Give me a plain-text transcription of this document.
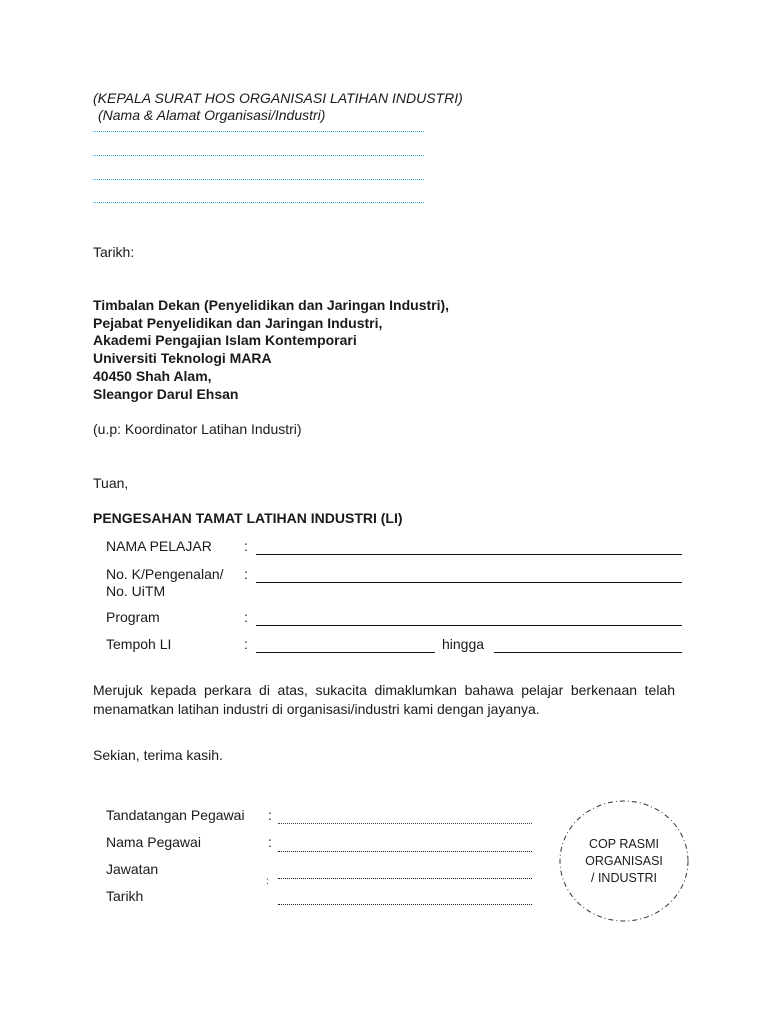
(KEPALA SURAT HOS ORGANISASI LATIHAN INDUSTRI)
(Nama & Alamat Organisasi/Industri)
Tarikh:
Timbalan Dekan (Penyelidikan dan Jaringan Industri),
Pejabat Penyelidikan dan Jaringan Industri,
Akademi Pengajian Islam Kontemporari
Universiti Teknologi MARA
40450 Shah Alam,
Sleangor Darul Ehsan
(u.p: Koordinator Latihan Industri)
Tuan,
PENGESAHAN TAMAT LATIHAN INDUSTRI (LI)
NAMA PELAJAR :
No. K/Pengenalan/
No. UiTM
:
Program	:
Tempoh LI	:	hingga
Merujuk kepada perkara di atas, sukacita dimaklumkan bahawa pelajar berkenaan telah menamatkan latihan industri di organisasi/industri kami dengan jayanya.
Sekian, terima kasih.
Tandatangan Pegawai :
Nama Pegawai	:
Jawatan
:
Tarikh
COP RASMI
ORGANISASI
/ INDUSTRI
